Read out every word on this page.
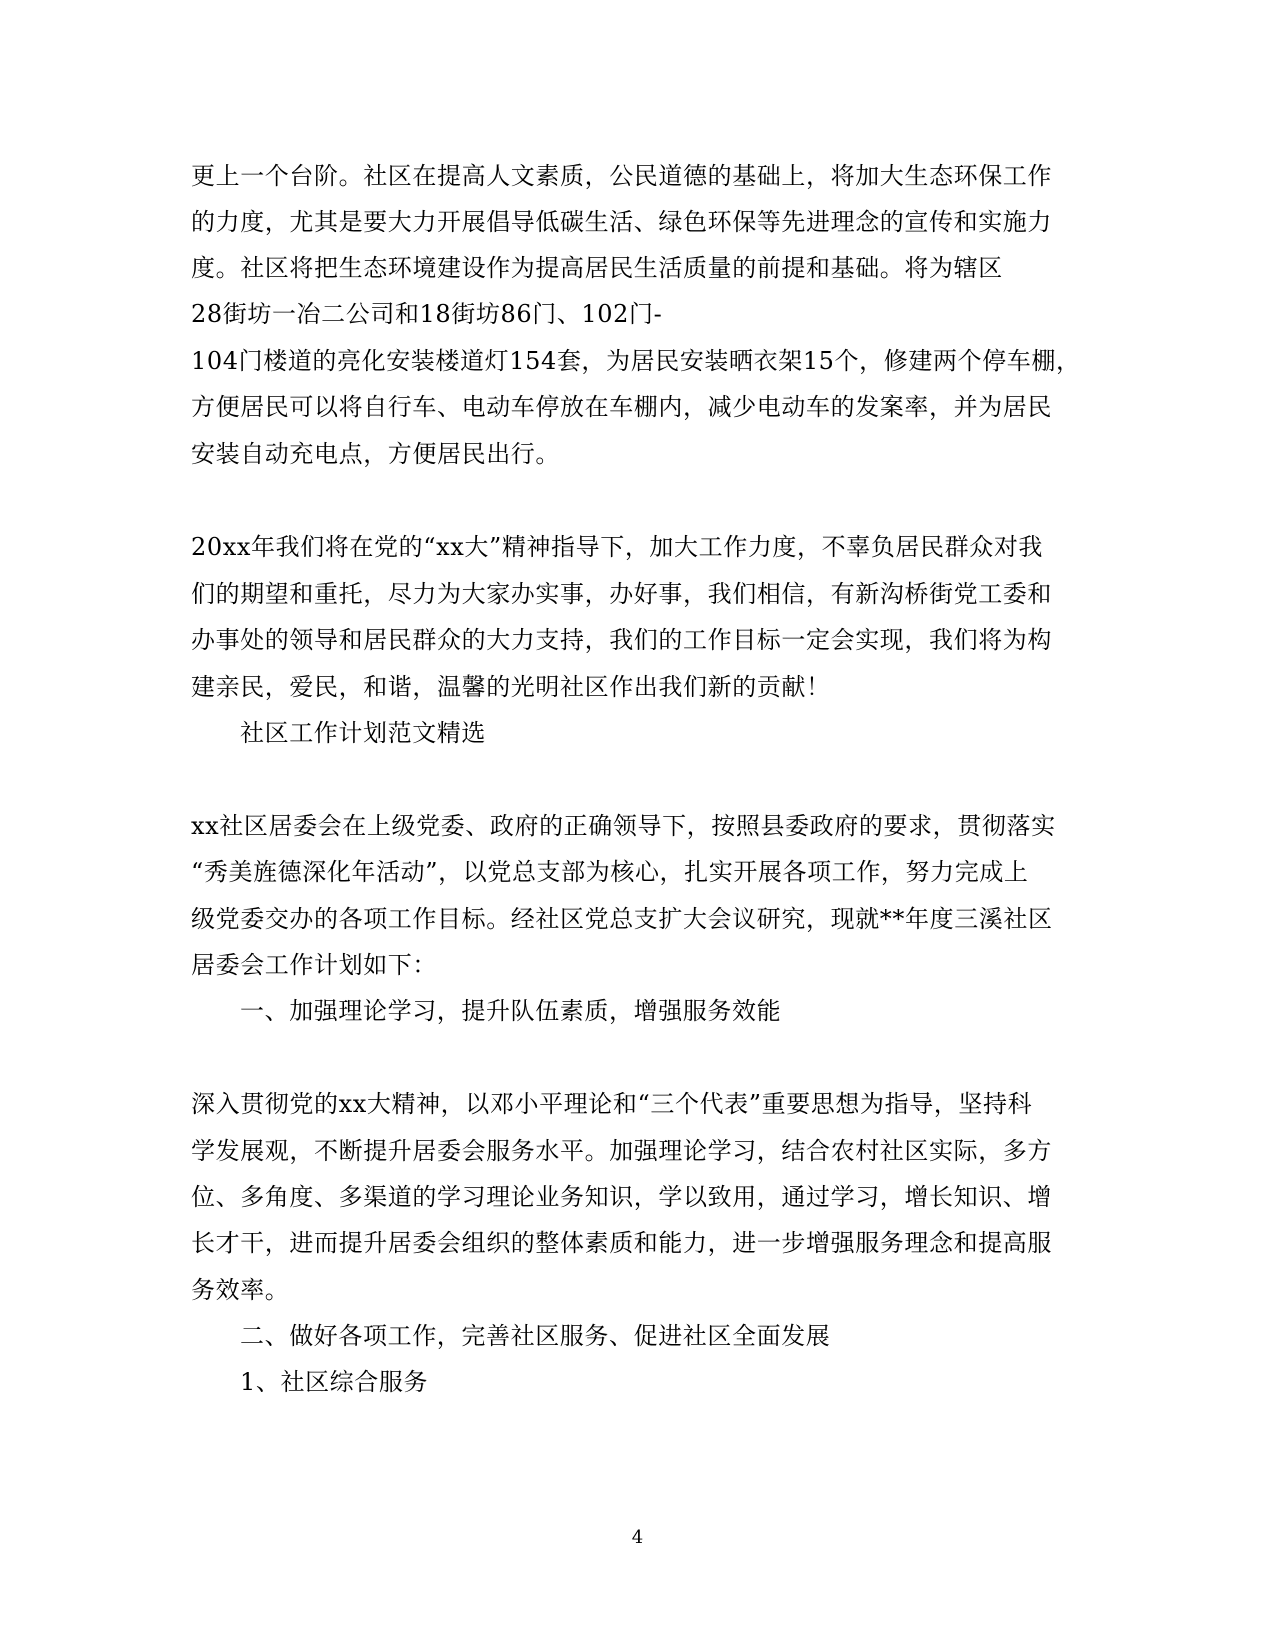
更上一个台阶。社区在提高人文素质，公民道德的基础上，将加大生态环保工作
的力度，尤其是要大力开展倡导低碳生活、绿色环保等先进理念的宣传和实施力
度。社区将把生态环境建设作为提高居民生活质量的前提和基础。将为辖区
28街坊一冶二公司和18街坊86门、102门-
104门楼道的亮化安装楼道灯154套，为居民安装晒衣架15个，修建两个停车棚，
方便居民可以将自行车、电动车停放在车棚内，减少电动车的发案率，并为居民
安装自动充电点，方便居民出行。
20xx年我们将在党的“xx大”精神指导下，加大工作力度，不辜负居民群众对我
们的期望和重托，尽力为大家办实事，办好事，我们相信，有新沟桥街党工委和
办事处的领导和居民群众的大力支持，我们的工作目标一定会实现，我们将为构
建亲民，爱民，和谐，温馨的光明社区作出我们新的贡献！
社区工作计划范文精选
xx社区居委会在上级党委、政府的正确领导下，按照县委政府的要求，贯彻落实
“秀美旌德深化年活动”，以党总支部为核心，扎实开展各项工作，努力完成上
级党委交办的各项工作目标。经社区党总支扩大会议研究，现就**年度三溪社区
居委会工作计划如下：
一、加强理论学习，提升队伍素质，增强服务效能
深入贯彻党的xx大精神，以邓小平理论和“三个代表”重要思想为指导，坚持科
学发展观，不断提升居委会服务水平。加强理论学习，结合农村社区实际，多方
位、多角度、多渠道的学习理论业务知识，学以致用，通过学习，增长知识、增
长才干，进而提升居委会组织的整体素质和能力，进一步增强服务理念和提高服
务效率。
二、做好各项工作，完善社区服务、促进社区全面发展
1、社区综合服务
4
